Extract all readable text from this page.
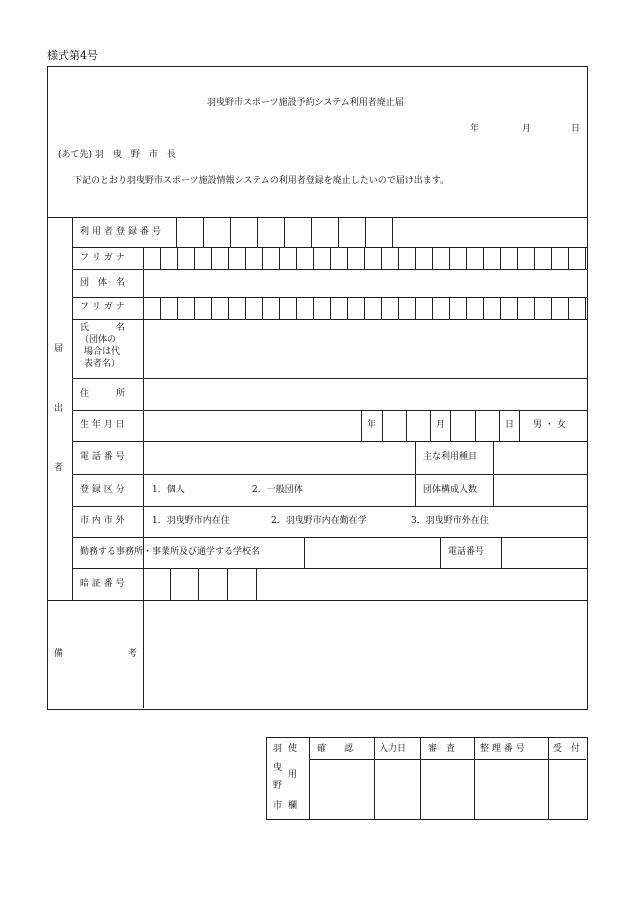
様式第4号
羽曳野市スポーツ施設予約システム利用者廃止届
年	月	日
(あて先) 羽　曳　野　市　長
下記のとおり羽曳野市スポーツ施設情報システムの利用者登録を廃止したいので届け出ます。
届
出
者
利用者登録番号
フ リ ガ ナ
団　体　名
フ リ ガ ナ
氏　　　名
（団体の
場合は代
表者名）
住　　　所
生 年 月 日	年	月	日 男 ・ 女
電 話 番 号	主な利用種目
登 録 区 分	1．個人	2．一般団体	団体構成人数
市 内 市 外	1．羽曳野市内在住	2．羽曳野市内在勤在学	3．羽曳野市外在住
勤務する事務所・事業所及び通学する学校名	電話番号
暗 証 番 号
備	考
羽 使
曳
用
野
市 欄
確　　認	入力日 審　査	整 理 番 号	受　付
